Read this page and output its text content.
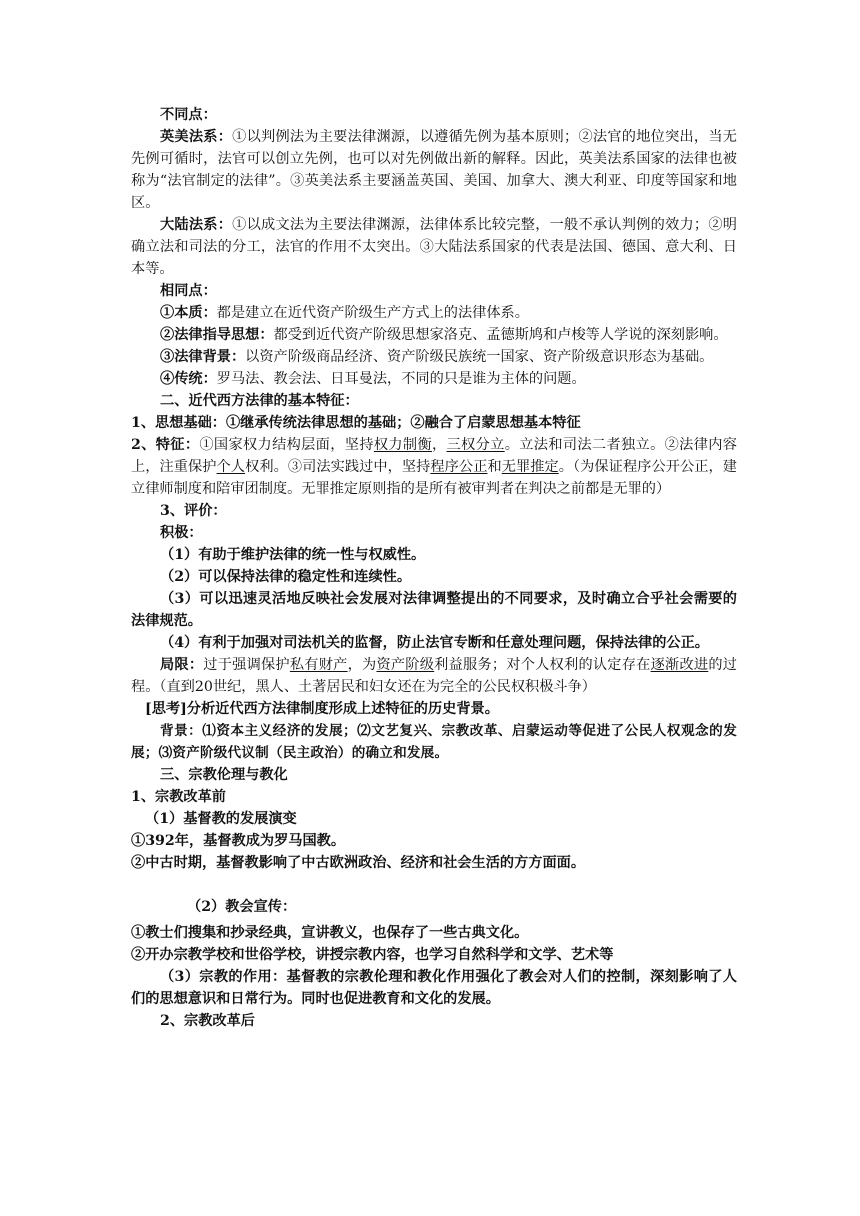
不同点：

英美法系：①以判例法为主要法律渊源，以遵循先例为基本原则；②法官的地位突出，当无先例可循时，法官可以创立先例，也可以对先例做出新的解释。因此，英美法系国家的法律也被称为“法官制定的法律”。③英美法系主要涵盖英国、美国、加拿大、澳大利亚、印度等国家和地区。

大陆法系：①以成文法为主要法律渊源，法律体系比较完整，一般不承认判例的效力；②明确立法和司法的分工，法官的作用不太突出。③大陆法系国家的代表是法国、德国、意大利、日本等。

相同点：

①本质：都是建立在近代资产阶级生产方式上的法律体系。

②法律指导思想：都受到近代资产阶级思想家洛克、孟德斯鸠和卢梭等人学说的深刻影响。

③法律背景：以资产阶级商品经济、资产阶级民族统一国家、资产阶级意识形态为基础。

④传统：罗马法、教会法、日耳曼法，不同的只是谁为主体的问题。

二、近代西方法律的基本特征：

1、思想基础：①继承传统法律思想的基础；②融合了启蒙思想基本特征

2、特征：①国家权力结构层面，坚持权力制衡，三权分立。立法和司法二者独立。②法律内容上，注重保护个人权利。③司法实践过中，坚持程序公正和无罪推定。（为保证程序公开公正，建立律师制度和陪审团制度。无罪推定原则指的是所有被审判者在判决之前都是无罪的）

3、评价：

积极：

（1）有助于维护法律的统一性与权威性。

（2）可以保持法律的稳定性和连续性。

（3）可以迅速灵活地反映社会发展对法律调整提出的不同要求，及时确立合乎社会需要的法律规范。

（4）有利于加强对司法机关的监督，防止法官专断和任意处理问题，保持法律的公正。

局限：过于强调保护私有财产，为资产阶级利益服务；对个人权利的认定存在逐渐改进的过程。（直到20世纪，黑人、土著居民和妇女还在为完全的公民权积极斗争）

[思考]分析近代西方法律制度形成上述特征的历史背景。

背景：⑴资本主义经济的发展；⑵文艺复兴、宗教改革、启蒙运动等促进了公民人权观念的发展；⑶资产阶级代议制（民主政治）的确立和发展。

三、宗教伦理与教化

1、宗教改革前

（1）基督教的发展演变

①392年，基督教成为罗马国教。

②中古时期，基督教影响了中古欧洲政治、经济和社会生活的方方面面。

（2）教会宣传：

①教士们搜集和抄录经典，宣讲教义，也保存了一些古典文化。

②开办宗教学校和世俗学校，讲授宗教内容，也学习自然科学和文学、艺术等

（3）宗教的作用：基督教的宗教伦理和教化作用强化了教会对人们的控制，深刻影响了人们的思想意识和日常行为。同时也促进教育和文化的发展。

2、宗教改革后
